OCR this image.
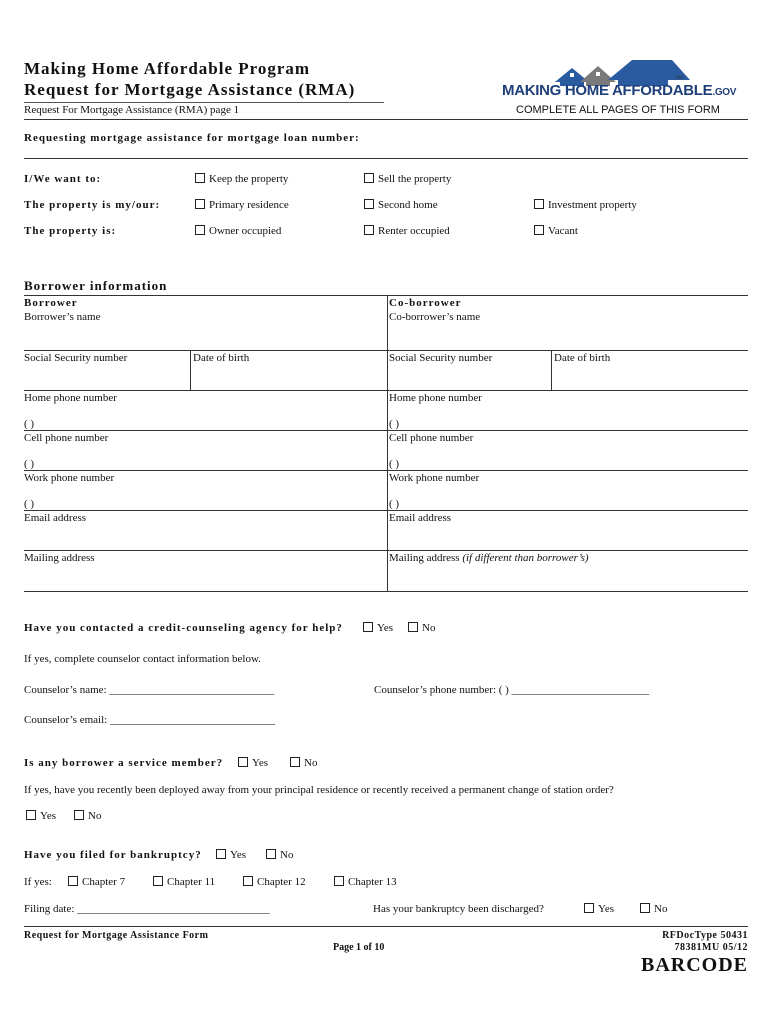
Making Home Affordable Program
Request for Mortgage Assistance (RMA)
Request For Mortgage Assistance (RMA) page 1
MAKING HOME AFFORDABLE.GOV
SM
COMPLETE ALL PAGES OF THIS FORM
Requesting mortgage assistance for mortgage loan number:
I/We want to:	Keep the property	Sell the property
The property is my/our:	Primary residence	Second home	Investment property
The property is:	Owner occupied	Renter occupied	Vacant
Borrower information
Borrower	Co-borrower
Borrower’s name	Co-borrower’s name
Social Security number	Date of birth	Social Security number	Date of birth
Home phone number	Home phone number
( )	( )
Cell phone number	Cell phone number
( )	( )
Work phone number	Work phone number
( )	( )
Email address	Email address
Mailing address	Mailing address (if different than borrower’s)
Have you contacted a credit-counseling agency for help?	Yes	No
If yes, complete counselor contact information below.
Counselor’s name: ______________________________	Counselor’s phone number: ( ) _________________________
Counselor’s email: ______________________________
Is any borrower a service member?	Yes	No
If yes, have you recently been deployed away from your principal residence or recently received a permanent change of station order?
Yes	No
Have you filed for bankruptcy?	Yes	No
If yes:	Chapter 7	Chapter 11	Chapter 12	Chapter 13
Filing date: ___________________________________	Has your bankruptcy been discharged?	Yes	No
Request for Mortgage Assistance Form
Page 1 of 10
RFDocType 50431
78381MU 05/12
BARCODE
